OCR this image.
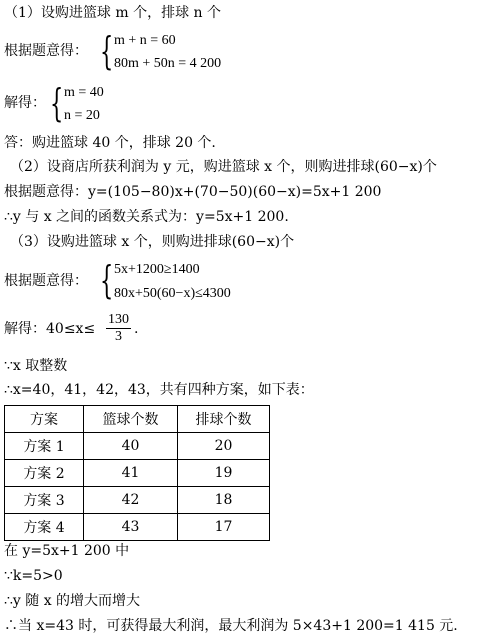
（1）设购进篮球 m 个，排球 n 个
根据题意得： { m + n = 60
80m + 50n = 4 200
解得： { m = 40
n = 20
答：购进篮球 40 个，排球 20 个.
（2）设商店所获利润为 y 元，购进篮球 x 个，则购进排球(60−x)个
根据题意得：y=(105−80)x+(70−50)(60−x)=5x+1 200
∴y 与 x 之间的函数关系式为：y=5x+1 200.
（3）设购进篮球 x 个，则购进排球(60−x)个
根据题意得： { 5x+1200≥1400
80x+50(60−x)≤4300
解得：$40\le x\le \frac{130}{3}$ .
∵x 取整数
∴x=40，41，42，43，共有四种方案，如下表：
方案	篮球个数	排球个数
方案 1	40	20
方案 2	41	19
方案 3	42	18
方案 4	43	17
在 y=5x+1 200 中
∵k=5>0
∴y 随 x 的增大而增大
∴当 x=43 时，可获得最大利润，最大利润为 5×43+1 200=1 415 元.
